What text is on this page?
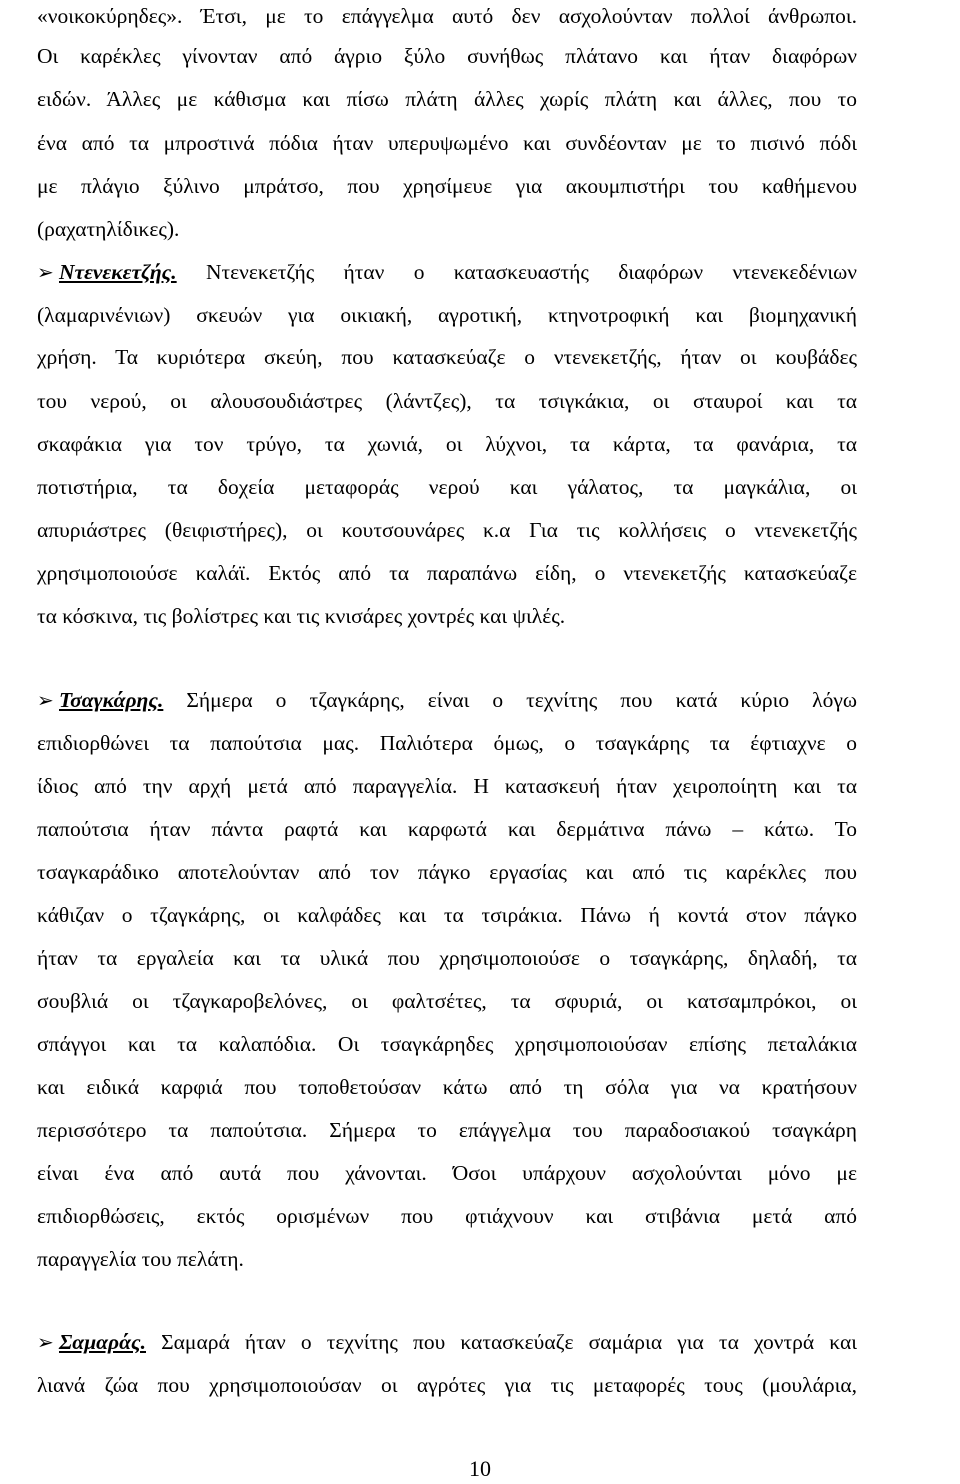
«νοικοκύρηδες». Έτσι, με το επάγγελμα αυτό δεν ασχολούνταν πολλοί άνθρωποι.
Οι καρέκλες γίνονταν από άγριο ξύλο συνήθως πλάτανο και ήταν διαφόρων
ειδών. Άλλες με κάθισμα και πίσω πλάτη άλλες χωρίς πλάτη και άλλες, που το
ένα από τα μπροστινά πόδια ήταν υπερυψωμένο και συνδέονταν με το πισινό πόδι
με πλάγιο ξύλινο μπράτσο, που χρησίμευε για ακουμπιστήρι του καθήμενου
(ραχατηλίδικες).
➢ Ντενεκετζής. Ντενεκετζής ήταν ο κατασκευαστής διαφόρων ντενεκεδένιων
(λαμαρινένιων) σκευών για οικιακή, αγροτική, κτηνοτροφική και βιομηχανική
χρήση. Τα κυριότερα σκεύη, που κατασκεύαζε ο ντενεκετζής, ήταν οι κουβάδες
του νερού, οι αλουσουδιάστρες (λάντζες), τα τσιγκάκια, οι σταυροί και τα
σκαφάκια για τον τρύγο, τα χωνιά, οι λύχνοι, τα κάρτα, τα φανάρια, τα
ποτιστήρια, τα δοχεία μεταφοράς νερού και γάλατος, τα μαγκάλια, οι
απυριάστρες (θειφιστήρες), οι κουτσουνάρες κ.α Για τις κολλήσεις ο ντενεκετζής
χρησιμοποιούσε καλάϊ. Εκτός από τα παραπάνω είδη, ο ντενεκετζής κατασκεύαζε
τα κόσκινα, τις βολίστρες και τις κνισάρες χοντρές και ψιλές.
➢ Τσαγκάρης. Σήμερα ο τζαγκάρης, είναι ο τεχνίτης που κατά κύριο λόγω
επιδιορθώνει τα παπούτσια μας. Παλιότερα όμως, ο τσαγκάρης τα έφτιαχνε ο
ίδιος από την αρχή μετά από παραγγελία. Η κατασκευή ήταν χειροποίητη και τα
παπούτσια ήταν πάντα ραφτά και καρφωτά και δερμάτινα πάνω – κάτω. Το
τσαγκαράδικο αποτελούνταν από τον πάγκο εργασίας και από τις καρέκλες που
κάθιζαν ο τζαγκάρης, οι καλφάδες και τα τσιράκια. Πάνω ή κοντά στον πάγκο
ήταν τα εργαλεία και τα υλικά που χρησιμοποιούσε ο τσαγκάρης, δηλαδή, τα
σουβλιά οι τζαγκαροβελόνες, οι φαλτσέτες, τα σφυριά, οι κατσαμπρόκοι, οι
σπάγγοι και τα καλαπόδια. Οι τσαγκάρηδες χρησιμοποιούσαν επίσης πεταλάκια
και ειδικά καρφιά που τοποθετούσαν κάτω από τη σόλα για να κρατήσουν
περισσότερο τα παπούτσια. Σήμερα το επάγγελμα του παραδοσιακού τσαγκάρη
είναι ένα από αυτά που χάνονται. Όσοι υπάρχουν ασχολούνται μόνο με
επιδιορθώσεις, εκτός ορισμένων που φτιάχνουν και στιβάνια μετά από
παραγγελία του πελάτη.
➢ Σαμαράς. Σαμαρά ήταν ο τεχνίτης που κατασκεύαζε σαμάρια για τα χοντρά και
λιανά ζώα που χρησιμοποιούσαν οι αγρότες για τις μεταφορές τους (μουλάρια,
10
